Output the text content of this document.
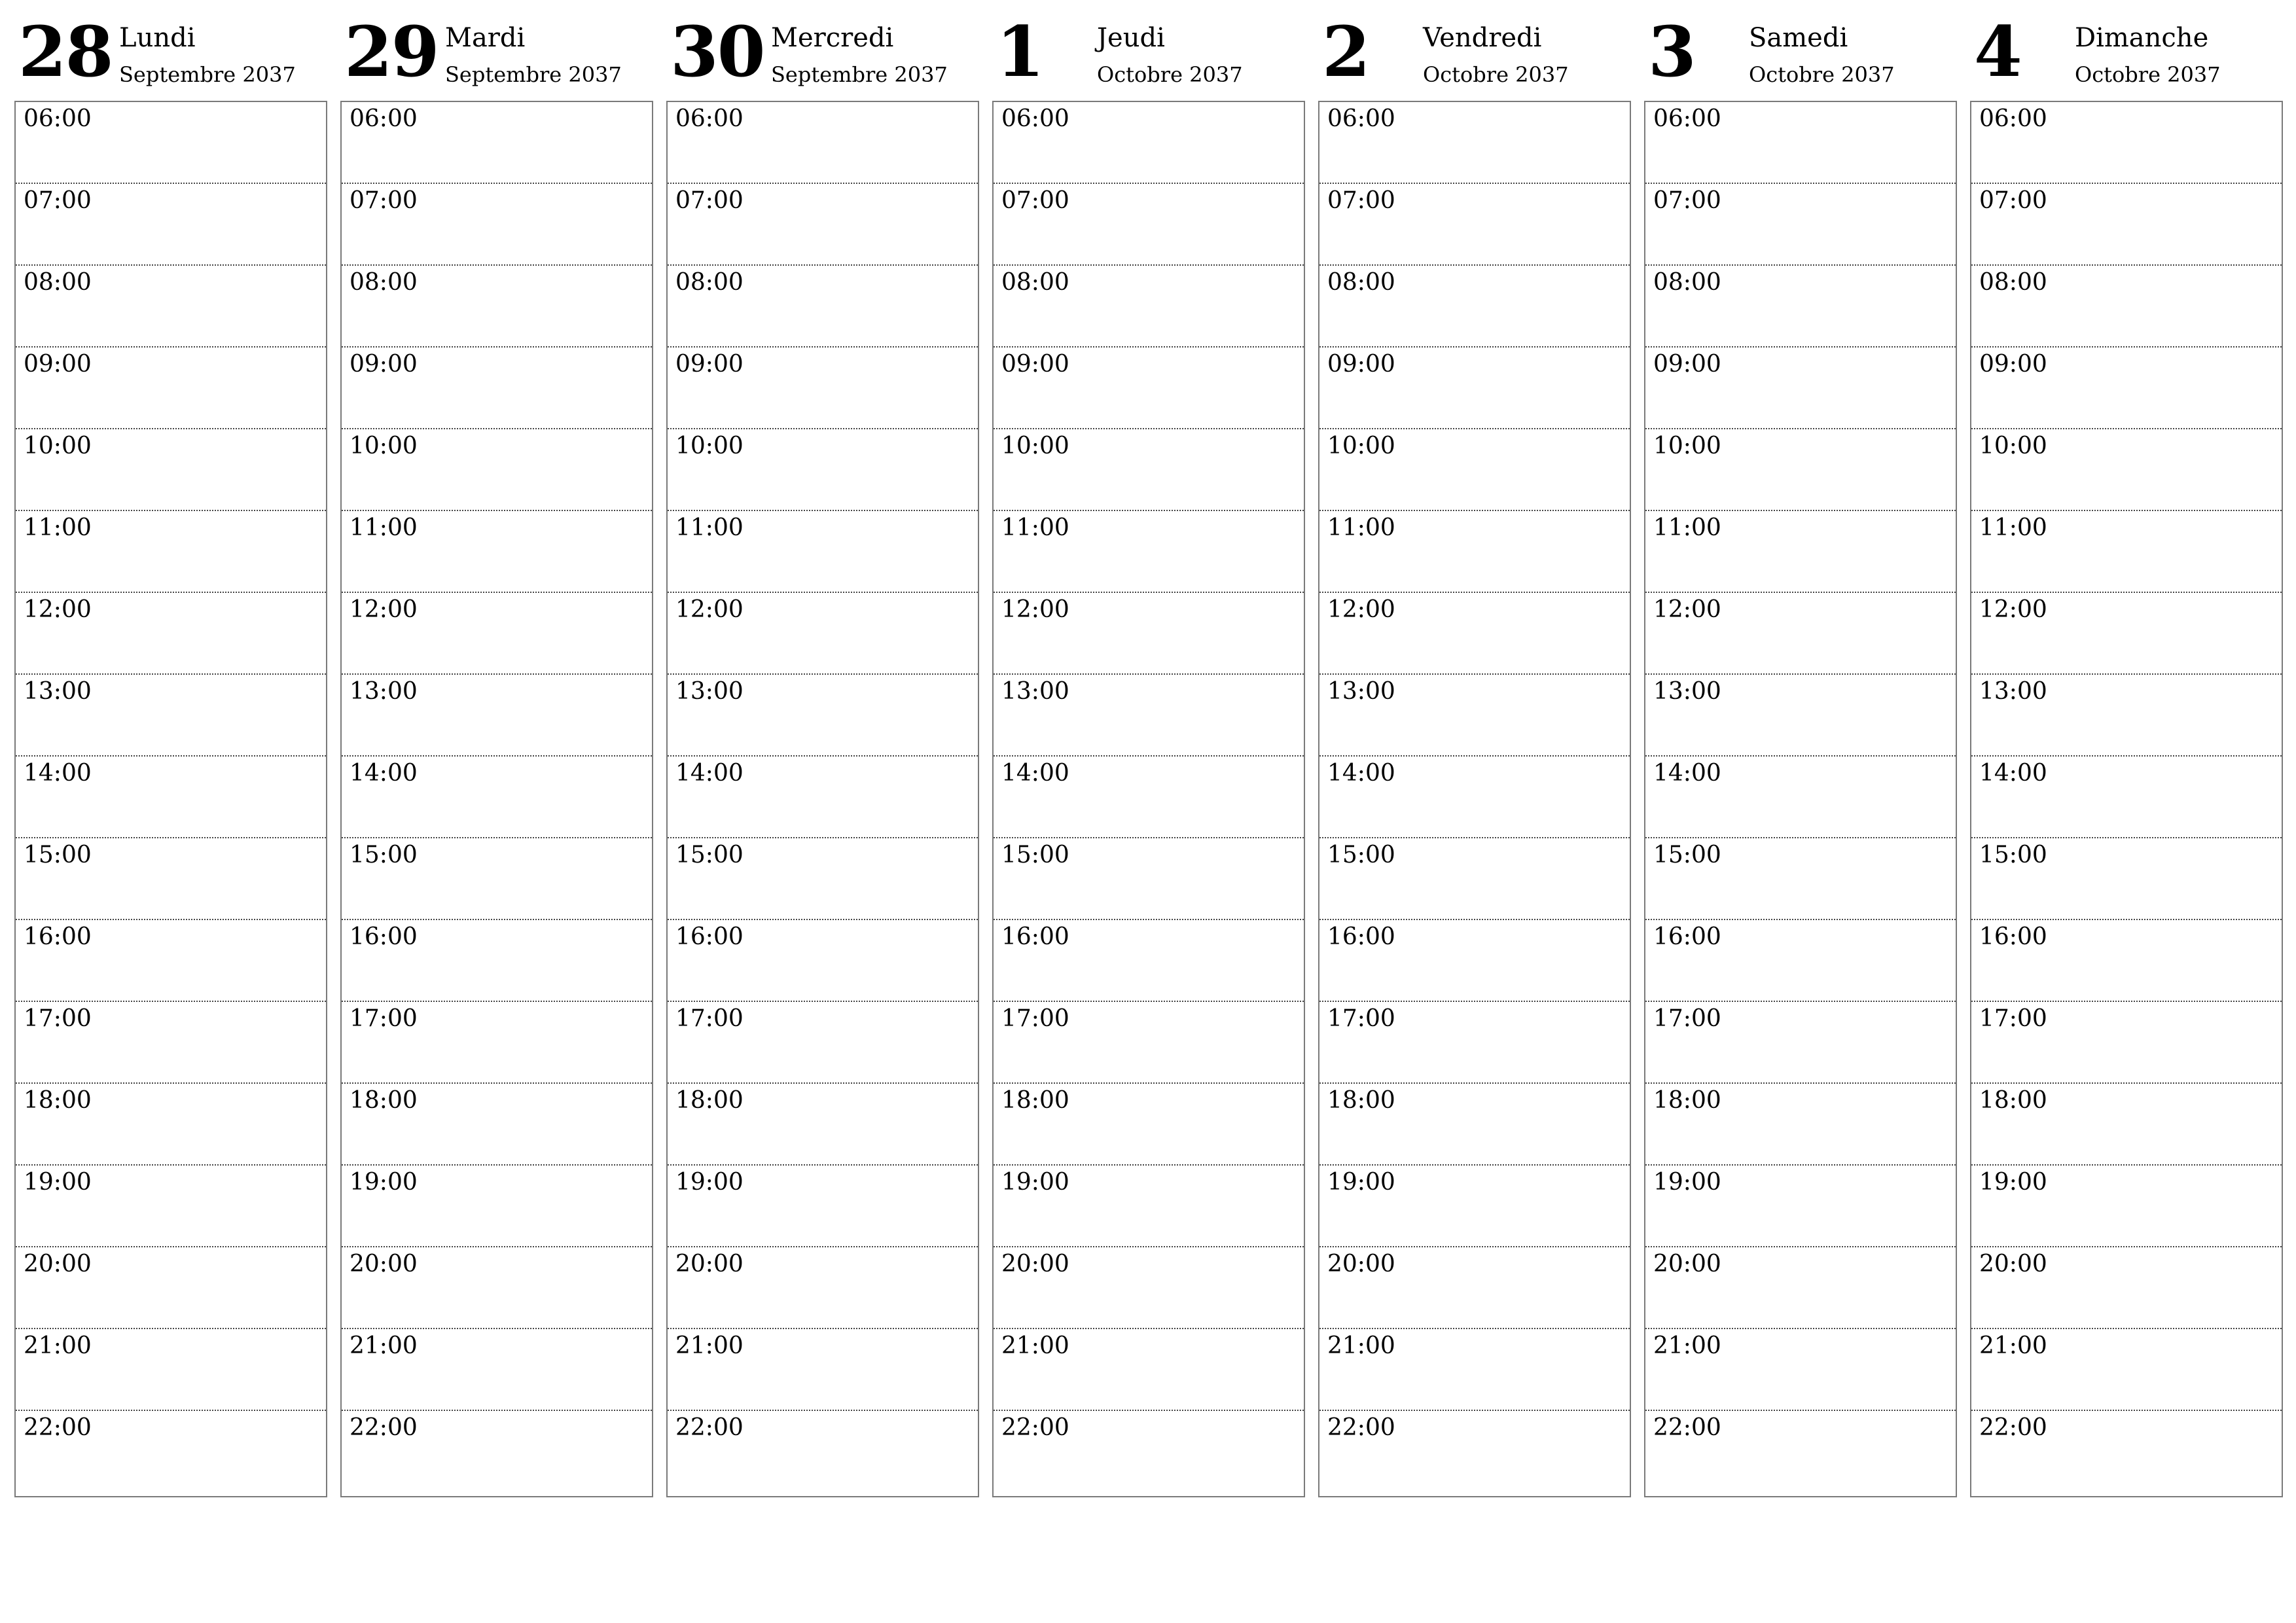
28 Lundi
Septembre 2037
06:00
07:00
08:00
09:00
10:00
11:00
12:00
13:00
14:00
15:00
16:00
17:00
18:00
19:00
20:00
21:00
22:00
29 Mardi
Septembre 2037
06:00
07:00
08:00
09:00
10:00
11:00
12:00
13:00
14:00
15:00
16:00
17:00
18:00
19:00
20:00
21:00
22:00
30 Mercredi
Septembre 2037
06:00
07:00
08:00
09:00
10:00
11:00
12:00
13:00
14:00
15:00
16:00
17:00
18:00
19:00
20:00
21:00
22:00
1 Jeudi
Octobre 2037
06:00
07:00
08:00
09:00
10:00
11:00
12:00
13:00
14:00
15:00
16:00
17:00
18:00
19:00
20:00
21:00
22:00
2 Vendredi
Octobre 2037
06:00
07:00
08:00
09:00
10:00
11:00
12:00
13:00
14:00
15:00
16:00
17:00
18:00
19:00
20:00
21:00
22:00
3 Samedi
Octobre 2037
06:00
07:00
08:00
09:00
10:00
11:00
12:00
13:00
14:00
15:00
16:00
17:00
18:00
19:00
20:00
21:00
22:00
4 Dimanche
Octobre 2037
06:00
07:00
08:00
09:00
10:00
11:00
12:00
13:00
14:00
15:00
16:00
17:00
18:00
19:00
20:00
21:00
22:00
